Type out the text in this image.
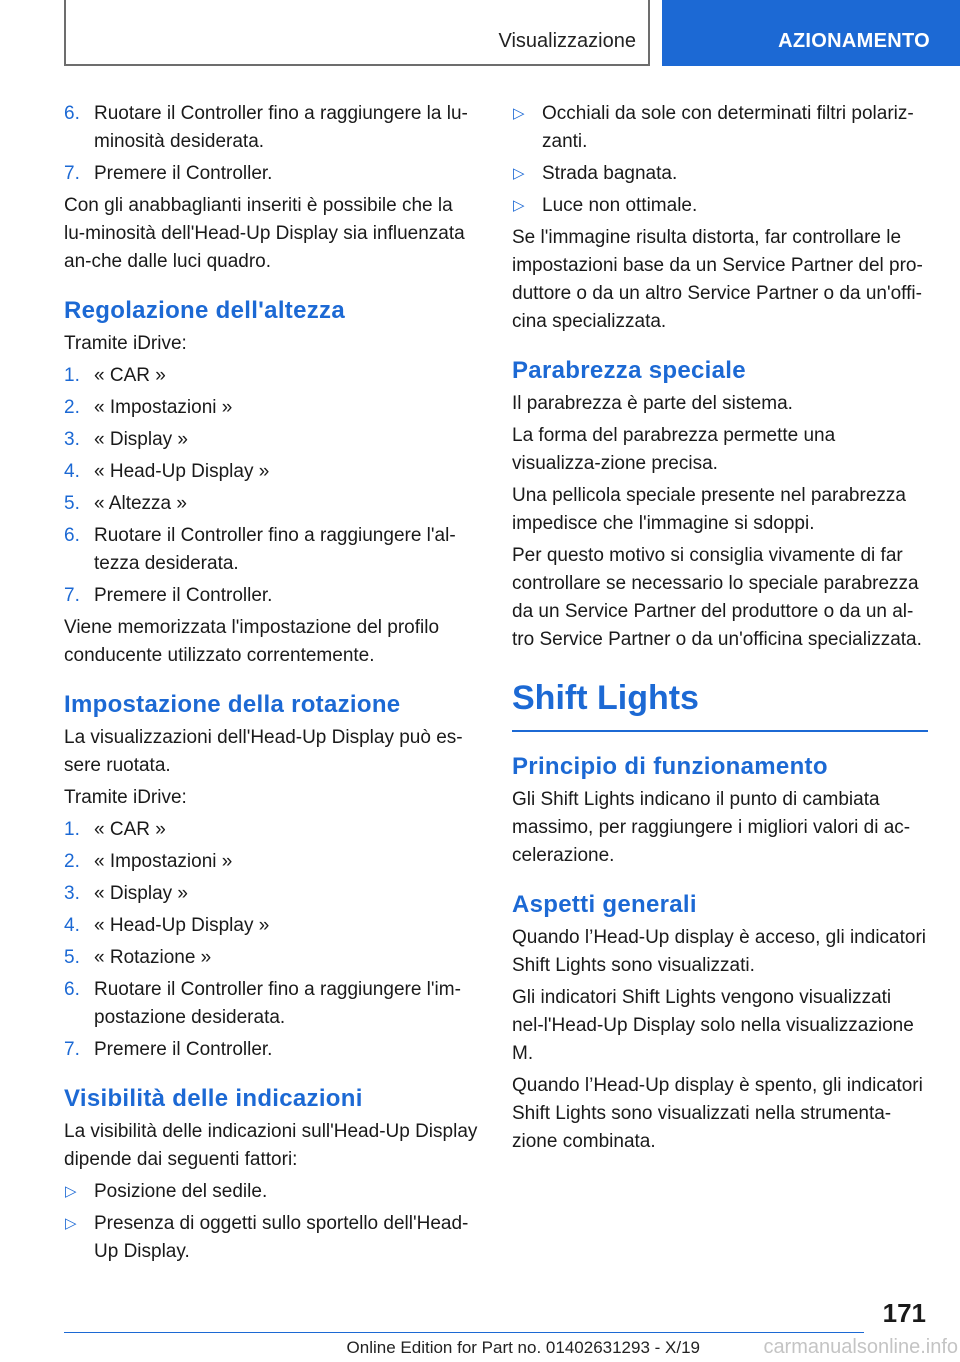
Visualizzazione	AZIONAMENTO
6. Ruotare il Controller fino a raggiungere la lu-minosità desiderata.
7. Premere il Controller.

Con gli anabbaglianti inseriti è possibile che la lu-minosità dell'Head-Up Display sia influenzata an-che dalle luci quadro.

Regolazione dell'altezza

Tramite iDrive:

1. « CAR »
2. « Impostazioni »
3. « Display »
4. « Head-Up Display »
5. « Altezza »
6. Ruotare il Controller fino a raggiungere l'al-tezza desiderata.
7. Premere il Controller.

Viene memorizzata l'impostazione del profilo conducente utilizzato correntemente.

Impostazione della rotazione

La visualizzazioni dell'Head-Up Display può es-sere ruotata.

Tramite iDrive:

1. « CAR »
2. « Impostazioni »
3. « Display »
4. « Head-Up Display »
5. « Rotazione »
6. Ruotare il Controller fino a raggiungere l'im-postazione desiderata.
7. Premere il Controller.
Visibilità delle indicazioni

La visibilità delle indicazioni sull'Head-Up Display dipende dai seguenti fattori:

▷ Posizione del sedile.
▷ Presenza di oggetti sullo sportello dell'Head-Up Display.
▷ Occhiali da sole con determinati filtri polariz-zanti.
▷ Strada bagnata.
▷ Luce non ottimale.

Se l'immagine risulta distorta, far controllare le impostazioni base da un Service Partner del pro-duttore o da un altro Service Partner o da un'offi-cina specializzata.

Parabrezza speciale

Il parabrezza è parte del sistema.

La forma del parabrezza permette una visualizza-zione precisa.

Una pellicola speciale presente nel parabrezza impedisce che l'immagine si sdoppi.

Per questo motivo si consiglia vivamente di far controllare se necessario lo speciale parabrezza da un Service Partner del produttore o da un al-tro Service Partner o da un'officina specializzata.

Shift Lights
Principio di funzionamento

Gli Shift Lights indicano il punto di cambiata massimo, per raggiungere i migliori valori di ac-celerazione.

Aspetti generali

Quando l’Head-Up display è acceso, gli indicatori Shift Lights sono visualizzati.

Gli indicatori Shift Lights vengono visualizzati nel-l'Head-Up Display solo nella visualizzazione M.

Quando l’Head-Up display è spento, gli indicatori Shift Lights sono visualizzati nella strumenta-zione combinata.

171
Online Edition for Part no. 01402631293 - X/19	carmanualsonline.info
